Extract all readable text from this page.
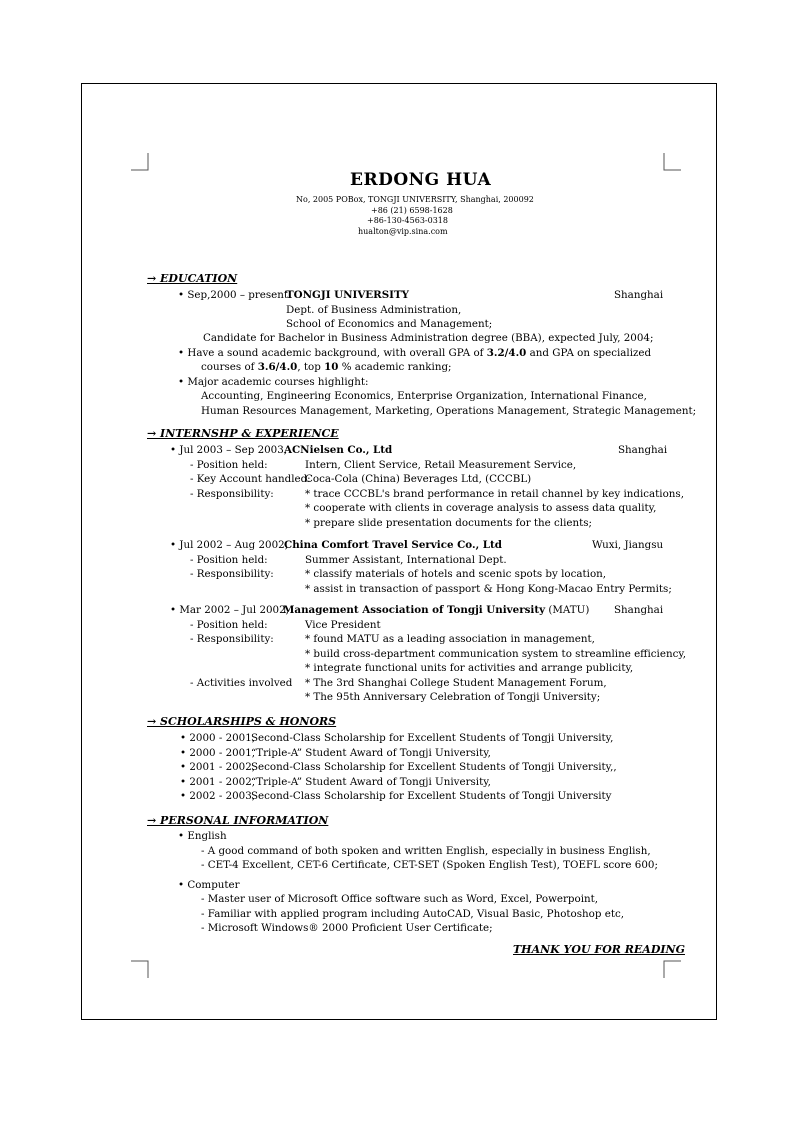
ERDONG HUA
No, 2005 POBox, TONGJI UNIVERSITY, Shanghai, 200092
+86 (21) 6598-1628
+86-130-4563-0318
hualton@vip.sina.com
→ EDUCATION
• Sep,2000 – present
TONGJI UNIVERSITY	Shanghai
Dept. of Business Administration,
School of Economics and Management;
Candidate for Bachelor in Business Administration degree (BBA), expected July, 2004;
• Have a sound academic background, with overall GPA of 3.2/4.0 and GPA on specialized
courses of 3.6/4.0, top 10 % academic ranking;
• Major academic courses highlight:
Accounting, Engineering Economics, Enterprise Organization, International Finance,
Human Resources Management, Marketing, Operations Management, Strategic Management;
→ INTERNSHP & EXPERIENCE
• Jul 2003 – Sep 2003,
ACNielsen Co., Ltd	Shanghai
- Position held:	Intern, Client Service, Retail Measurement Service,
- Key Account handled:
Coca-Cola (China) Beverages Ltd, (CCCBL)
- Responsibility:	* trace CCCBL's brand performance in retail channel by key indications,
* cooperate with clients in coverage analysis to assess data quality,
* prepare slide presentation documents for the clients;
• Jul 2002 – Aug 2002,
China Comfort Travel Service Co., Ltd	Wuxi, Jiangsu
- Position held:	Summer Assistant, International Dept.
- Responsibility:	* classify materials of hotels and scenic spots by location,
* assist in transaction of passport & Hong Kong-Macao Entry Permits;
• Mar 2002 – Jul 2002,
Management Association of Tongji University (MATU) Shanghai
- Position held:	Vice President
- Responsibility:	* found MATU as a leading association in management,
* build cross-department communication system to streamline efficiency,
* integrate functional units for activities and arrange publicity,
- Activities involved * The 3rd Shanghai College Student Management Forum,
* The 95th Anniversary Celebration of Tongji University;
→ SCHOLARSHIPS & HONORS
• 2000 - 2001,
Second-Class Scholarship for Excellent Students of Tongji University,
• 2000 - 2001,
“Triple-A” Student Award of Tongji University,
• 2001 - 2002,
Second-Class Scholarship for Excellent Students of Tongji University,,
• 2001 - 2002,
“Triple-A” Student Award of Tongji University,
• 2002 - 2003,
Second-Class Scholarship for Excellent Students of Tongji University
→ PERSONAL INFORMATION
• English
- A good command of both spoken and written English, especially in business English,
- CET-4 Excellent, CET-6 Certificate, CET-SET (Spoken English Test), TOEFL score 600;
• Computer
- Master user of Microsoft Office software such as Word, Excel, Powerpoint,
- Familiar with applied program including AutoCAD, Visual Basic, Photoshop etc,
- Microsoft Windows® 2000 Proficient User Certificate;
THANK YOU FOR READING
